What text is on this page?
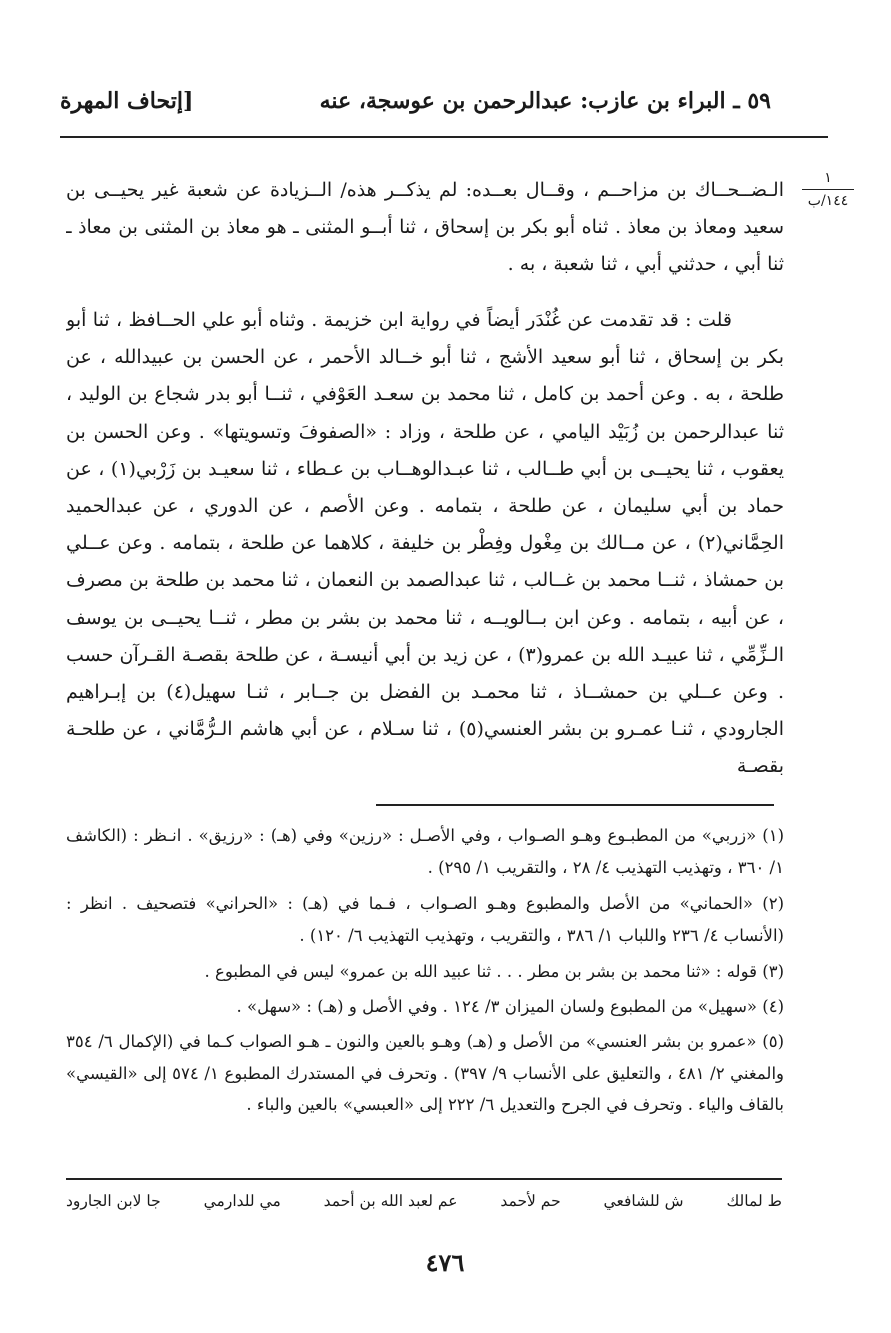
٥٩ ـ البراء بن عازب: عبدالرحمن بن عوسجة، عنه
[إتحاف المهرة
١
١٤٤/ب

الـضــحــاك بن مزاحــم ، وقــال بعــده: لم يذكــر هذه/ الــزيادة عن شعبة غير يحيــى بن سعيد ومعاذ بن معاذ . ثناه أبو بكر بن إسحاق ، ثنا أبــو المثنى ـ هو معاذ بن المثنى بن معاذ ـ ثنا أبي ، حدثني أبي ، ثنا شعبة ، به .

قلت : قد تقدمت عن غُنْدَر أيضاً في رواية ابن خزيمة . وثناه أبو علي الحــافظ ، ثنا أبو بكر بن إسحاق ، ثنا أبو سعيد الأشج ، ثنا أبو خــالد الأحمر ، عن الحسن بن عبيدالله ، عن طلحة ، به . وعن أحمد بن كامل ، ثنا محمد بن سعـد العَوْفي ، ثنــا أبو بدر شجاع بن الوليد ، ثنا عبدالرحمن بن زُبَيْد اليامي ، عن طلحة ، وزاد : «الصفوفَ وتسويتها» . وعن الحسن بن يعقوب ، ثنا يحيــى بن أبي طــالب ، ثنا عبـدالوهــاب بن عـطاء ، ثنا سعيـد بن زَرْبي(١) ، عن حماد بن أبي سليمان ، عن طلحة ، بتمامه . وعن الأصم ، عن الدوري ، عن عبدالحميد الحِمَّاني(٢) ، عن مــالك بن مِغْول وفِطْر بن خليفة ، كلاهما عن طلحة ، بتمامه . وعن عــلي بن حمشاذ ، ثنــا محمد بن غــالب ، ثنا عبدالصمد بن النعمان ، ثنا محمد بن طلحة بن مصرف ، عن أبيه ، بتمامه . وعن ابن بــالويــه ، ثنا محمد بن بشر بن مطر ، ثنــا يحيــى بن يوسف الـزِّمِّي ، ثنا عبيـد الله بن عمرو(٣) ، عن زيد بن أبي أنيسـة ، عن طلحة بقصـة القـرآن حسب . وعن عــلي بن حمشــاذ ، ثنا محمـد بن الفضل بن جــابر ، ثنـا سهيل(٤) بن إبـراهيم الجارودي ، ثنـا عمـرو بن بشر العنسي(٥) ، ثنا سـلام ، عن أبي هاشم الـرُّمَّاني ، عن طلحـة بقصـة

(١) «زربي» من المطبـوع وهـو الصـواب ، وفي الأصـل : «رزين» وفي (هـ) : «رزيق» . انـظر : (الكاشف ١/ ٣٦٠ ، وتهذيب التهذيب ٤/ ٢٨ ، والتقريب ١/ ٢٩٥) .

(٢) «الحماني» من الأصل والمطبوع وهـو الصـواب ، فـما في (هـ) : «الحراني» فتصحيف . انظر : (الأنساب ٤/ ٢٣٦ واللباب ١/ ٣٨٦ ، والتقريب ، وتهذيب التهذيب ٦/ ١٢٠) .

(٣) قوله : «ثنا محمد بن بشر بن مطر . . . ثنا عبيد الله بن عمرو» ليس في المطبوع .

(٤) «سهيل» من المطبوع ولسان الميزان ٣/ ١٢٤ . وفي الأصل و (هـ) : «سهل» .

(٥) «عمرو بن بشر العنسي» من الأصل و (هـ) وهـو بالعين والنون ـ هـو الصواب كـما في (الإكمال ٦/ ٣٥٤ والمغني ٢/ ٤٨١ ، والتعليق على الأنساب ٩/ ٣٩٧) . وتحرف في المستدرك المطبوع ١/ ٥٧٤ إلى «القيسي» بالقاف والياء . وتحرف في الجرح والتعديل ٦/ ٢٢٢ إلى «العبسي» بالعين والباء .

ط لمالك
ش للشافعي
حم لأحمد
عم لعبد الله بن أحمد
مي للدارمي
جا لابن الجارود
٤٧٦
